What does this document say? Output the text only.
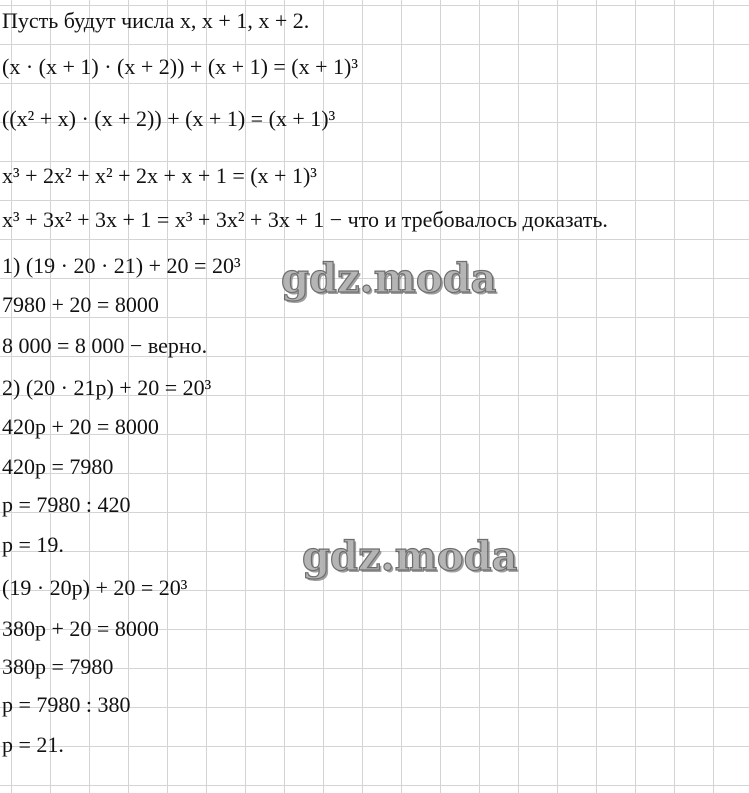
Пусть будут числа x, x + 1, x + 2.
(x · (x + 1) · (x + 2)) + (x + 1) = (x + 1)³
((x² + x) · (x + 2)) + (x + 1) = (x + 1)³
x³ + 2x² + x² + 2x + x + 1 = (x + 1)³
x³ + 3x² + 3x + 1 = x³ + 3x² + 3x + 1 − что и требовалось доказать.
1) (19 · 20 · 21) + 20 = 20³
7980 + 20 = 8000
8 000 = 8 000 − верно.
2) (20 · 21p) + 20 = 20³
420p + 20 = 8000
420p = 7980
p = 7980 : 420
p = 19.
(19 · 20p) + 20 = 20³
380p + 20 = 8000
380p = 7980
p = 7980 : 380
p = 21.
gdz.moda
gdz.moda
